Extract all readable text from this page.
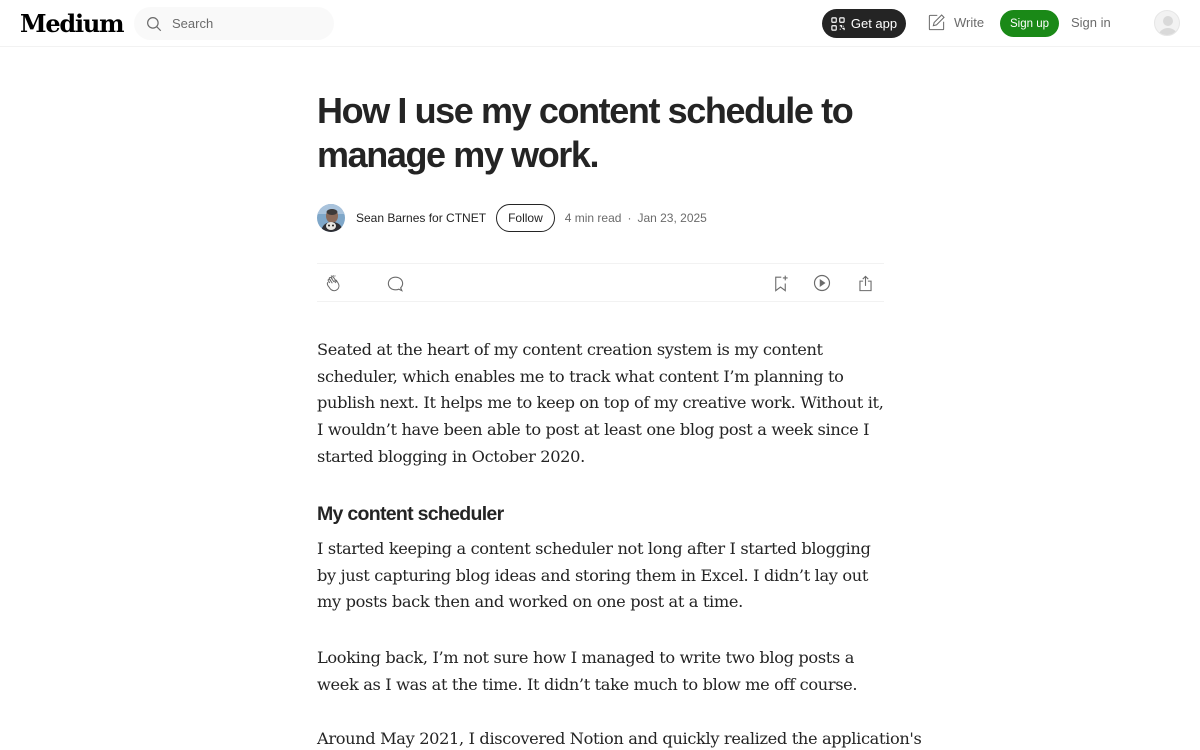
Medium
Search	Get app	Write	Sign up	Sign in
How I use my content schedule to manage my work.
Sean Barnes for CTNET	Follow	4 min read · Jan 23, 2025

Seated at the heart of my content creation system is my content scheduler, which enables me to track what content I’m planning to publish next. It helps me to keep on top of my creative work. Without it, I wouldn’t have been able to post at least one blog post a week since I started blogging in October 2020.

My content scheduler

I started keeping a content scheduler not long after I started blogging by just capturing blog ideas and storing them in Excel. I didn’t lay out my posts back then and worked on one post at a time.

Looking back, I’m not sure how I managed to write two blog posts a week as I was at the time. It didn’t take much to blow me off course.

Around May 2021, I discovered Notion and quickly realized the application's
